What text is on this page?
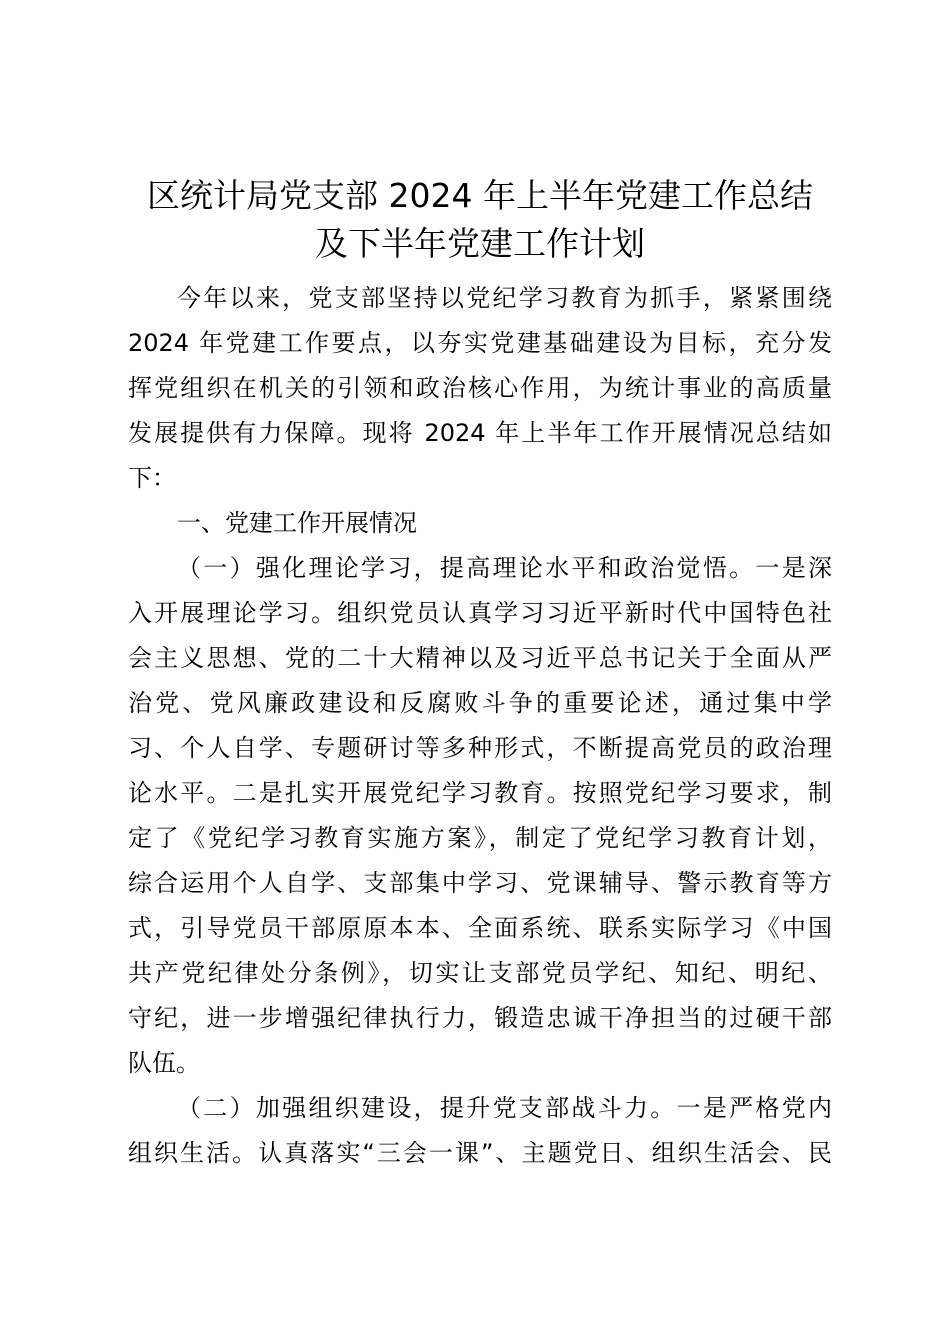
区统计局党支部 2024 年上半年党建工作总结
及下半年党建工作计划
今年以来，党支部坚持以党纪学习教育为抓手，紧紧围绕
2024 年党建工作要点，以夯实党建基础建设为目标，充分发
挥党组织在机关的引领和政治核心作用，为统计事业的高质量
发展提供有力保障。现将 2024 年上半年工作开展情况总结如
下：
一、党建工作开展情况
（一）强化理论学习，提高理论水平和政治觉悟。一是深
入开展理论学习。组织党员认真学习习近平新时代中国特色社
会主义思想、党的二十大精神以及习近平总书记关于全面从严
治党、党风廉政建设和反腐败斗争的重要论述，通过集中学
习、个人自学、专题研讨等多种形式，不断提高党员的政治理
论水平。二是扎实开展党纪学习教育。按照党纪学习要求，制
定了《党纪学习教育实施方案》，制定了党纪学习教育计划，
综合运用个人自学、支部集中学习、党课辅导、警示教育等方
式，引导党员干部原原本本、全面系统、联系实际学习《中国
共产党纪律处分条例》，切实让支部党员学纪、知纪、明纪、
守纪，进一步增强纪律执行力，锻造忠诚干净担当的过硬干部
队伍。
（二）加强组织建设，提升党支部战斗力。一是严格党内
组织生活。认真落实“三会一课”、主题党日、组织生活会、民
